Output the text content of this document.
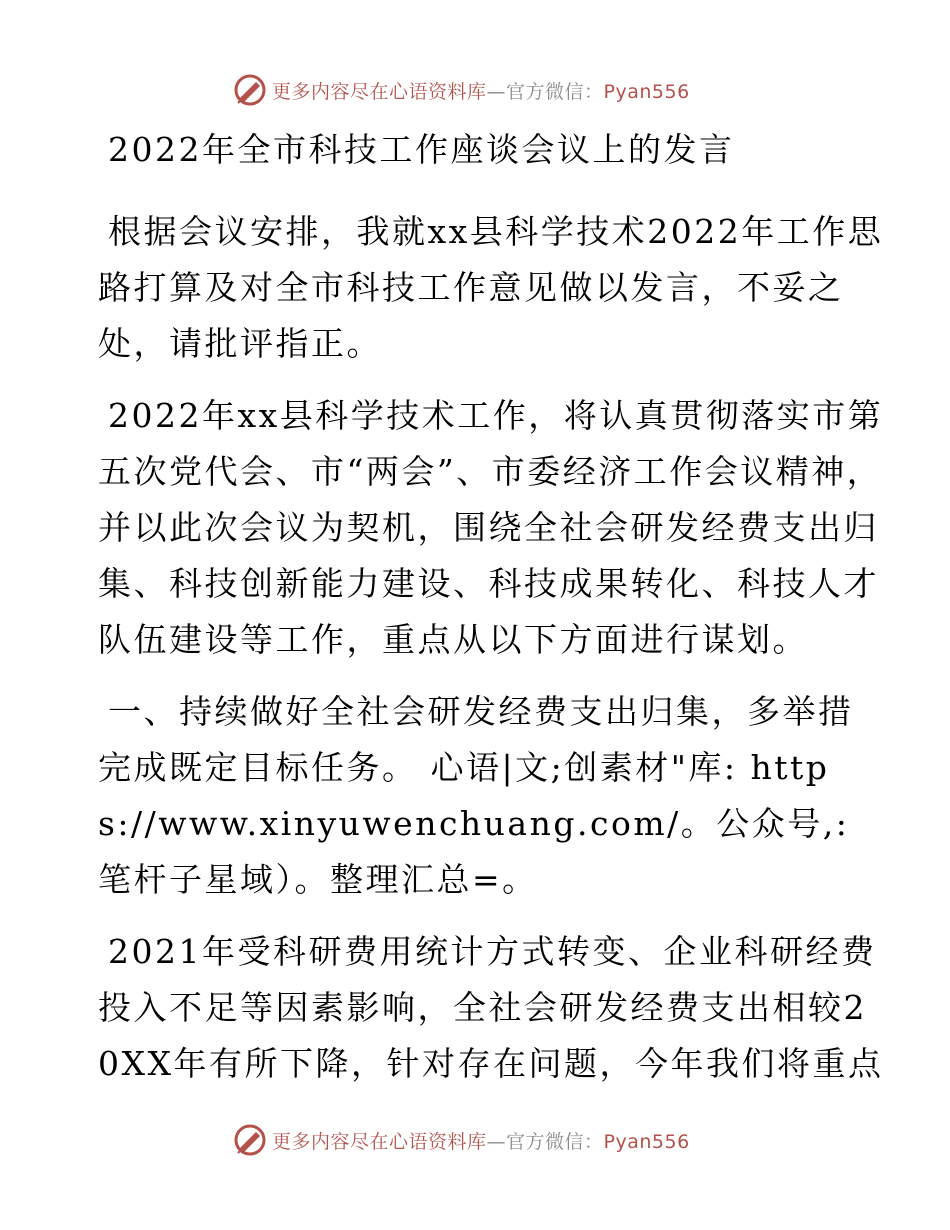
更多内容尽在心语资料库—官方微信：Pyan556

2022年全市科技工作座谈会议上的发言

根据会议安排，我就xx县科学技术2022年工作思路打算及对全市科技工作意见做以发言，不妥之处，请批评指正。

2022年xx县科学技术工作，将认真贯彻落实市第五次党代会、市“两会”、市委经济工作会议精神，并以此次会议为契机，围绕全社会研发经费支出归集、科技创新能力建设、科技成果转化、科技人才队伍建设等工作，重点从以下方面进行谋划。

一、持续做好全社会研发经费支出归集，多举措完成既定目标任务。 心语|文;创素材"库: https://www.xinyuwenchuang.com/。公众号,: 笔杆子星域）。整理汇总=。

2021年受科研费用统计方式转变、企业科研经费投入不足等因素影响，全社会研发经费支出相较20XX年有所下降，针对存在问题，今年我们将重点

更多内容尽在心语资料库—官方微信：Pyan556
